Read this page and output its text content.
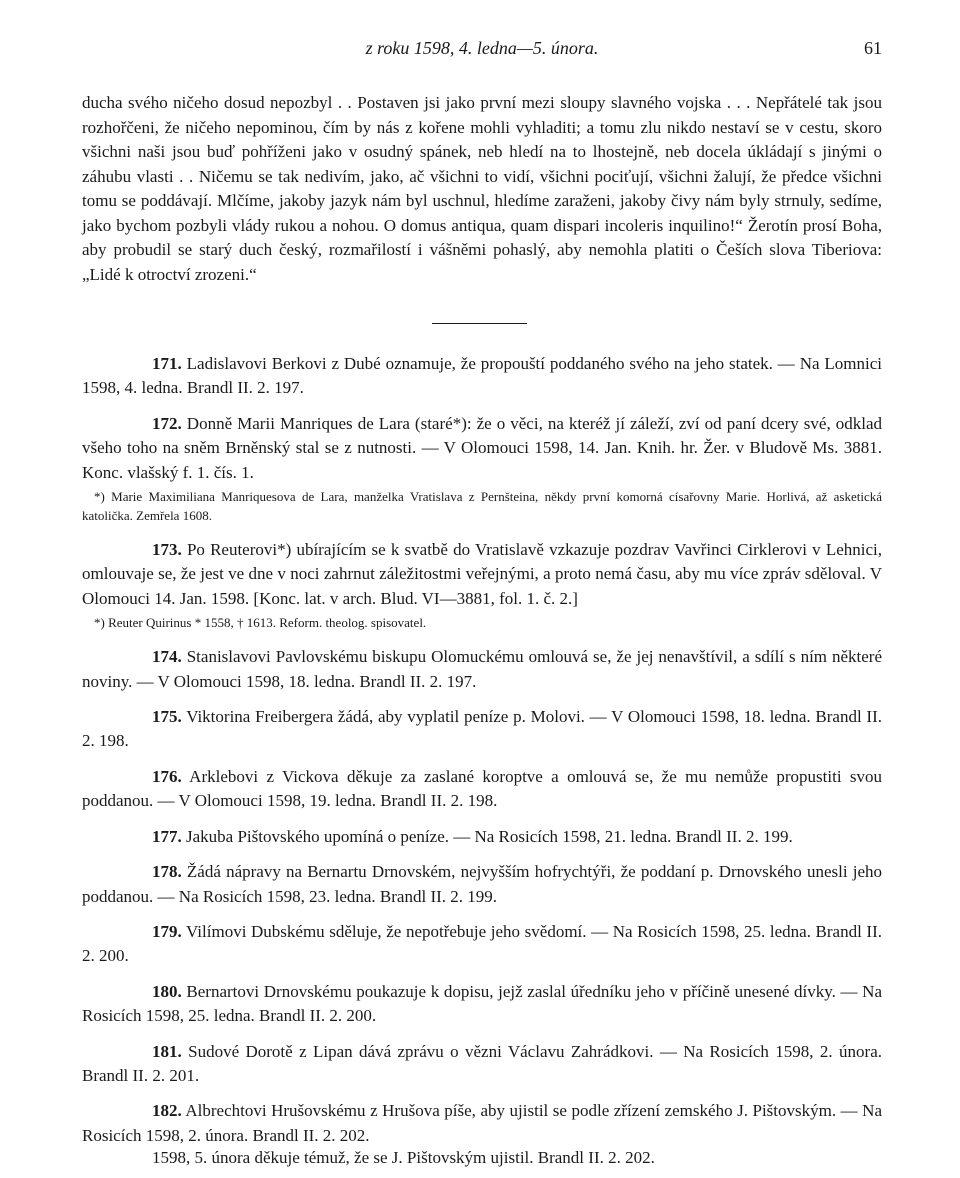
z roku 1598, 4. ledna—5. února.	61

ducha svého ničeho dosud nepozbyl . . Postaven jsi jako první mezi sloupy slavného vojska . . . Nepřátelé tak jsou rozhořčeni, že ničeho nepominou, čím by nás z kořene mohli vyhladiti; a tomu zlu nikdo nestaví se v cestu, skoro všichni naši jsou buď pohříženi jako v osudný spánek, neb hledí na to lhostejně, neb docela úkládají s jinými o záhubu vlasti . . Ničemu se tak nedivím, jako, ač všichni to vidí, všichni pociťují, všichni žalují, že předce všichni tomu se poddávají. Mlčíme, jakoby jazyk nám byl uschnul, hledíme zaraženi, jakoby čivy nám byly strnuly, sedíme, jako bychom pozbyli vlády rukou a nohou. O domus antiqua, quam dispari incoleris inquilino!“ Žerotín prosí Boha, aby probudil se starý duch český, rozmařilostí i vášněmi pohaslý, aby nemohla platiti o Češích slova Tiberiova: „Lidé k otroctví zrozeni.“

171. Ladislavovi Berkovi z Dubé oznamuje, že propouští poddaného svého na jeho statek. — Na Lomnici 1598, 4. ledna. Brandl II. 2. 197.

172. Donně Marii Manriques de Lara (staré*): že o věci, na kteréž jí záleží, zví od paní dcery své, odklad všeho toho na sněm Brněnský stal se z nutnosti. — V Olomouci 1598, 14. Jan. Knih. hr. Žer. v Bludově Ms. 3881. Konc. vlašský f. 1. čís. 1.

*) Marie Maximiliana Manriquesova de Lara, manželka Vratislava z Pernšteina, někdy první komorná císařovny Marie. Horlivá, až asketická katolička. Zemřela 1608.

173. Po Reuterovi*) ubírajícím se k svatbě do Vratislavě vzkazuje pozdrav Vavřinci Cirklerovi v Lehnici, omlouvaje se, že jest ve dne v noci zahrnut záležitostmi veřejnými, a proto nemá času, aby mu více zpráv sděloval. V Olomouci 14. Jan. 1598. [Konc. lat. v arch. Blud. VI—3881, fol. 1. č. 2.]

*) Reuter Quirinus * 1558, † 1613. Reform. theolog. spisovatel.

174. Stanislavovi Pavlovskému biskupu Olomuckému omlouvá se, že jej nenavštívil, a sdílí s ním některé noviny. — V Olomouci 1598, 18. ledna. Brandl II. 2. 197.

175. Viktorina Freibergera žádá, aby vyplatil peníze p. Molovi. — V Olomouci 1598, 18. ledna. Brandl II. 2. 198.

176. Arklebovi z Vickova děkuje za zaslané koroptve a omlouvá se, že mu nemůže propustiti svou poddanou. — V Olomouci 1598, 19. ledna. Brandl II. 2. 198.

177. Jakuba Pištovského upomíná o peníze. — Na Rosicích 1598, 21. ledna. Brandl II. 2. 199.

178. Žádá nápravy na Bernartu Drnovském, nejvyšším hofrychtýři, že poddaní p. Drnovského unesli jeho poddanou. — Na Rosicích 1598, 23. ledna. Brandl II. 2. 199.

179. Vilímovi Dubskému sděluje, že nepotřebuje jeho svědomí. — Na Rosicích 1598, 25. ledna. Brandl II. 2. 200.

180. Bernartovi Drnovskému poukazuje k dopisu, jejž zaslal úředníku jeho v příčině unesené dívky. — Na Rosicích 1598, 25. ledna. Brandl II. 2. 200.

181. Sudové Dorotě z Lipan dává zprávu o vězni Václavu Zahrádkovi. — Na Rosicích 1598, 2. února. Brandl II. 2. 201.

182. Albrechtovi Hrušovskému z Hrušova píše, aby ujistil se podle zřízení zemského J. Pištovským. — Na Rosicích 1598, 2. února. Brandl II. 2. 202.

1598, 5. února děkuje témuž, že se J. Pištovským ujistil. Brandl II. 2. 202.
